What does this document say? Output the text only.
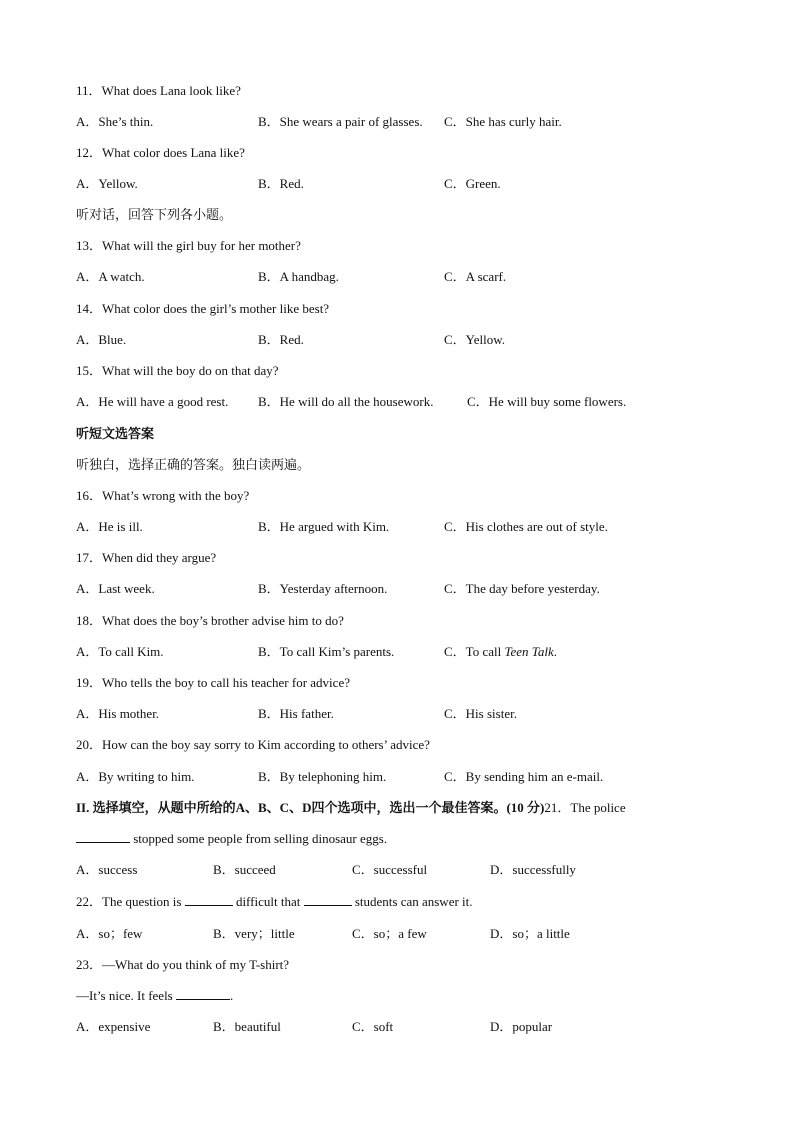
11．What does Lana look like?
A．She’s thin.	B．She wears a pair of glasses. C．She has curly hair.
12．What color does Lana like?
A．Yellow.	B．Red.	C．Green.
听对话，回答下列各小题。
13．What will the girl buy for her mother?
A．A watch.	B．A handbag.	C．A scarf.
14．What color does the girl’s mother like best?
A．Blue.	B．Red.	C．Yellow.
15．What will the boy do on that day?
A．He will have a good rest. B．He will do all the housework.	C．He will buy some flowers.
听短文选答案
听独白，选择正确的答案。独白读两遍。
16．What’s wrong with the boy?
A．He is ill.	B．He argued with Kim.	C．His clothes are out of style.
17．When did they argue?
A．Last week.	B．Yesterday afternoon.	C．The day before yesterday.
18．What does the boy’s brother advise him to do?
A．To call Kim.	B．To call Kim’s parents.	C．To call Teen Talk.
19．Who tells the boy to call his teacher for advice?
A．His mother.	B．His father.	C．His sister.
20．How can the boy say sorry to Kim according to others’ advice?
A．By writing to him.	B．By telephoning him.	C．By sending him an e-mail.
II. 选择填空，从题中所给的A、B、C、D四个选项中，选出一个最佳答案。(10 分)21．The police
stopped some people from selling dinosaur eggs.
A．success	B．succeed	C．successful	D．successfully
22．The question is	difficult that	students can answer it.
A．so；few	B．very；little	C．so；a few	D．so；a little
23．—What do you think of my T-shirt?
—It’s nice. It feels	.
A．expensive	B．beautiful	C．soft	D．popular
